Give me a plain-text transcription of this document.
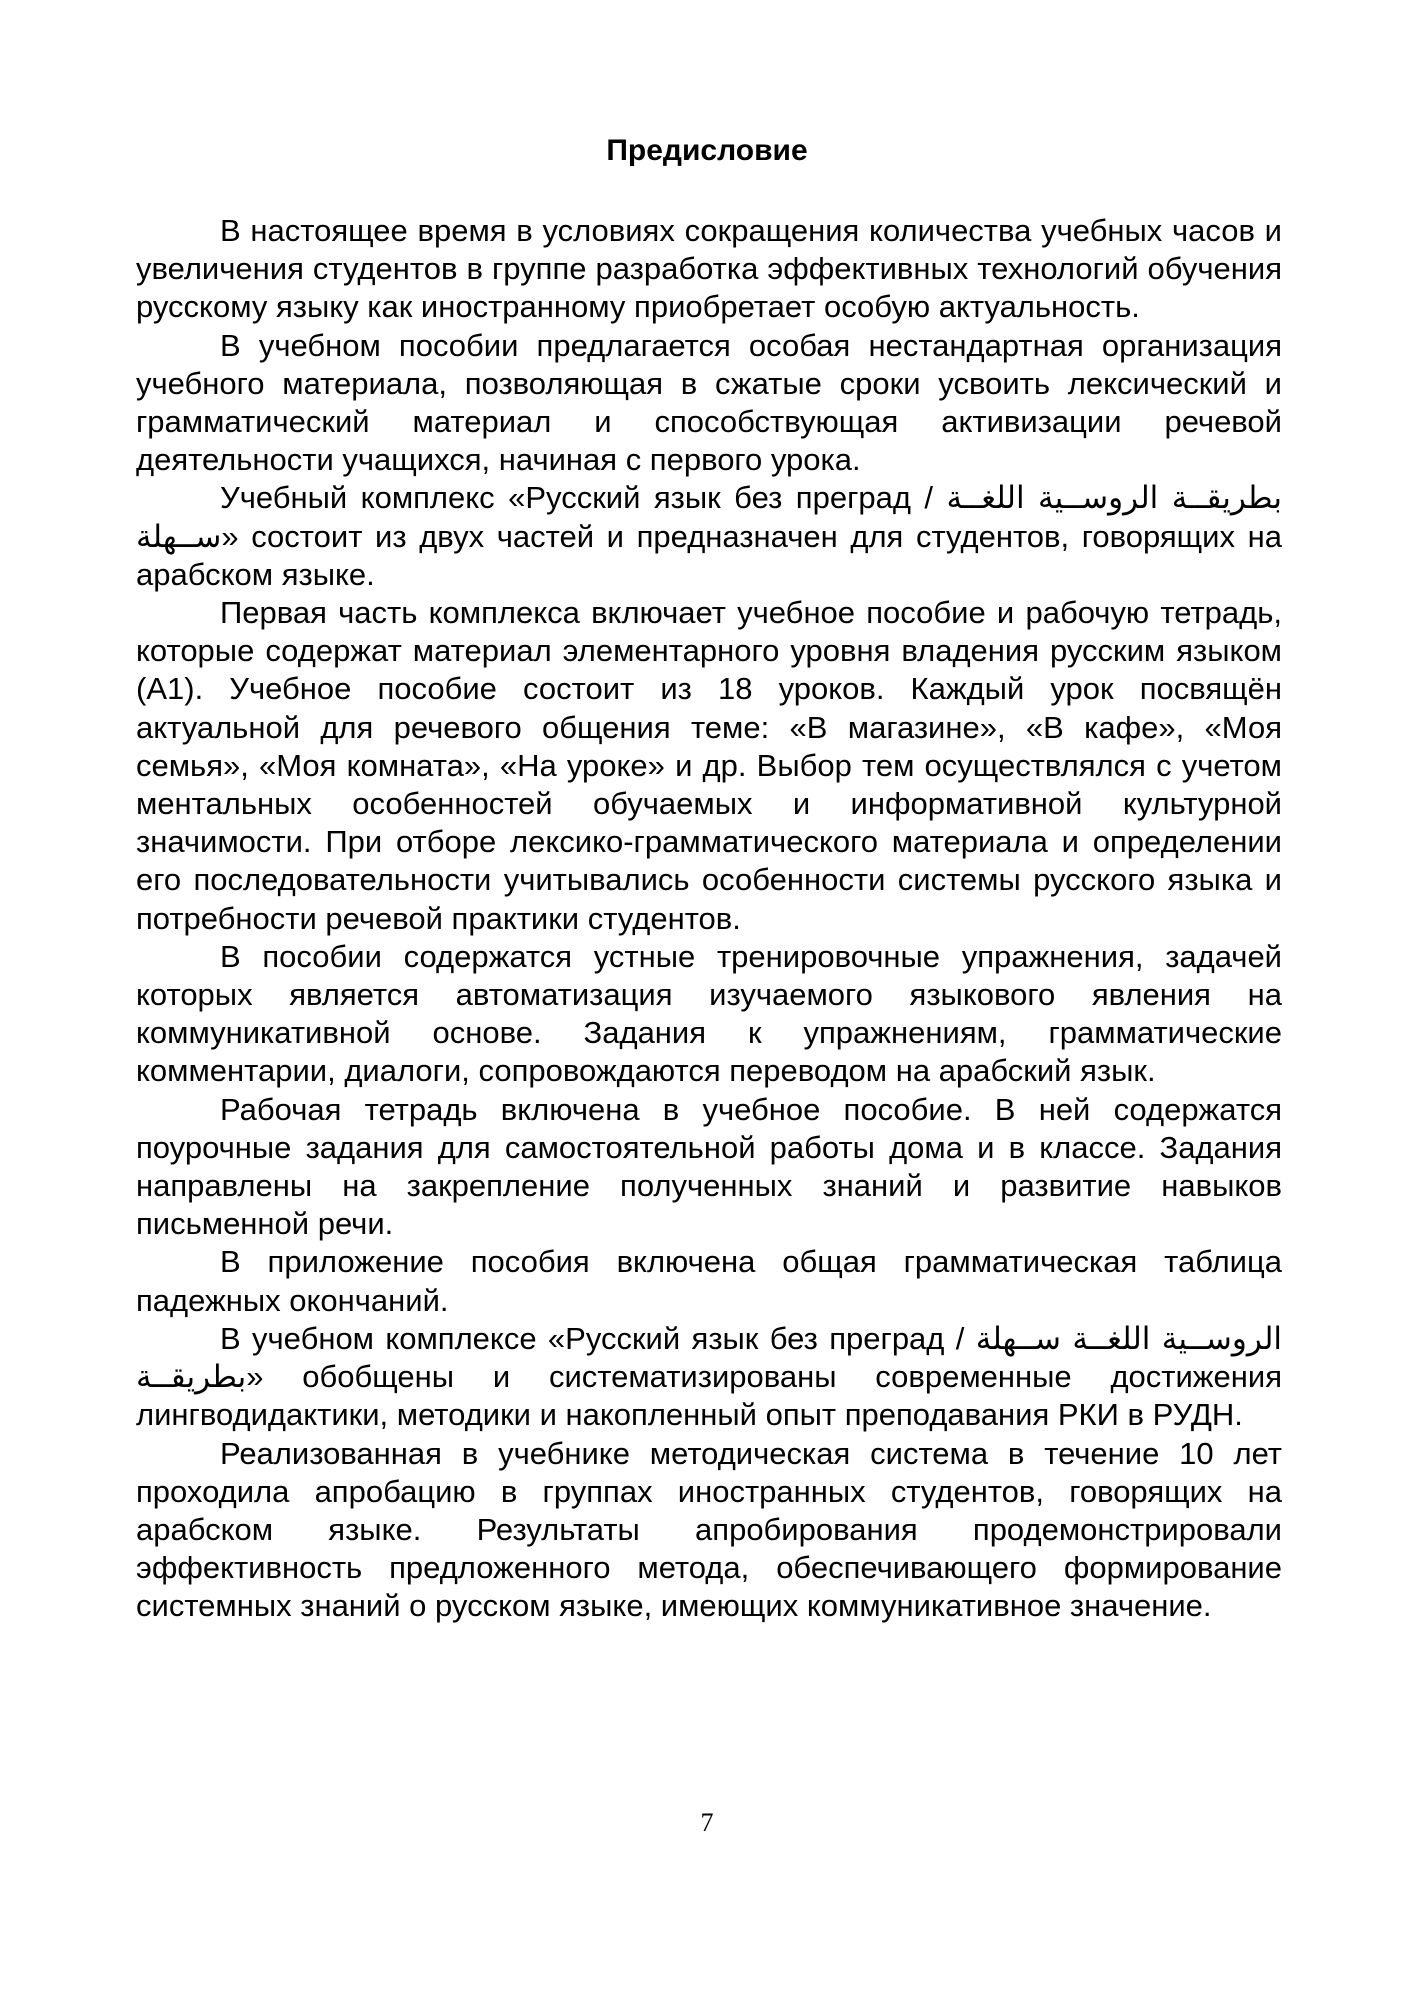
Предисловие

В настоящее время в условиях сокращения количества учебных часов и увеличения студентов в группе разработка эффективных технологий обучения русскому языку как иностранному приобретает особую актуальность.

В учебном пособии предлагается особая нестандартная организация учебного материала, позволяющая в сжатые сроки усвоить лексический и грамматический материал и способствующая активизации речевой деятельности учащихся, начиная с первого урока.

Учебный комплекс «Русский язык без преград / بطريقــة الروســية اللغــة ســهلة» состоит из двух частей и предназначен для студентов, говорящих на арабском языке.

Первая часть комплекса включает учебное пособие и рабочую тетрадь, которые содержат материал элементарного уровня владения русским языком (А1). Учебное пособие состоит из 18 уроков. Каждый урок посвящён актуальной для речевого общения теме: «В магазине», «В кафе», «Моя семья», «Моя комната», «На уроке» и др. Выбор тем осуществлялся с учетом ментальных особенностей обучаемых и информативной культурной значимости. При отборе лексико-грамматического материала и определении его последовательности учитывались особенности системы русского языка и потребности речевой практики студентов.

В пособии содержатся устные тренировочные упражнения, задачей которых является автоматизация изучаемого языкового явления на коммуникативной основе. Задания к упражнениям, грамматические комментарии, диалоги, сопровождаются переводом на арабский язык.

Рабочая тетрадь включена в учебное пособие. В ней содержатся поурочные задания для самостоятельной работы дома и в классе. Задания направлены на закрепление полученных знаний и развитие навыков письменной речи.

В приложение пособия включена общая грамматическая таблица падежных окончаний.

В учебном комплексе «Русский язык без преград / الروســية اللغــة ســهلة بطريقــة» обобщены и систематизированы современные достижения лингводидактики, методики и накопленный опыт преподавания РКИ в РУДН.

Реализованная в учебнике методическая система в течение 10 лет проходила апробацию в группах иностранных студентов, говорящих на арабском языке. Результаты апробирования продемонстрировали эффективность предложенного метода, обеспечивающего формирование системных знаний о русском языке, имеющих коммуникативное значение.

7
